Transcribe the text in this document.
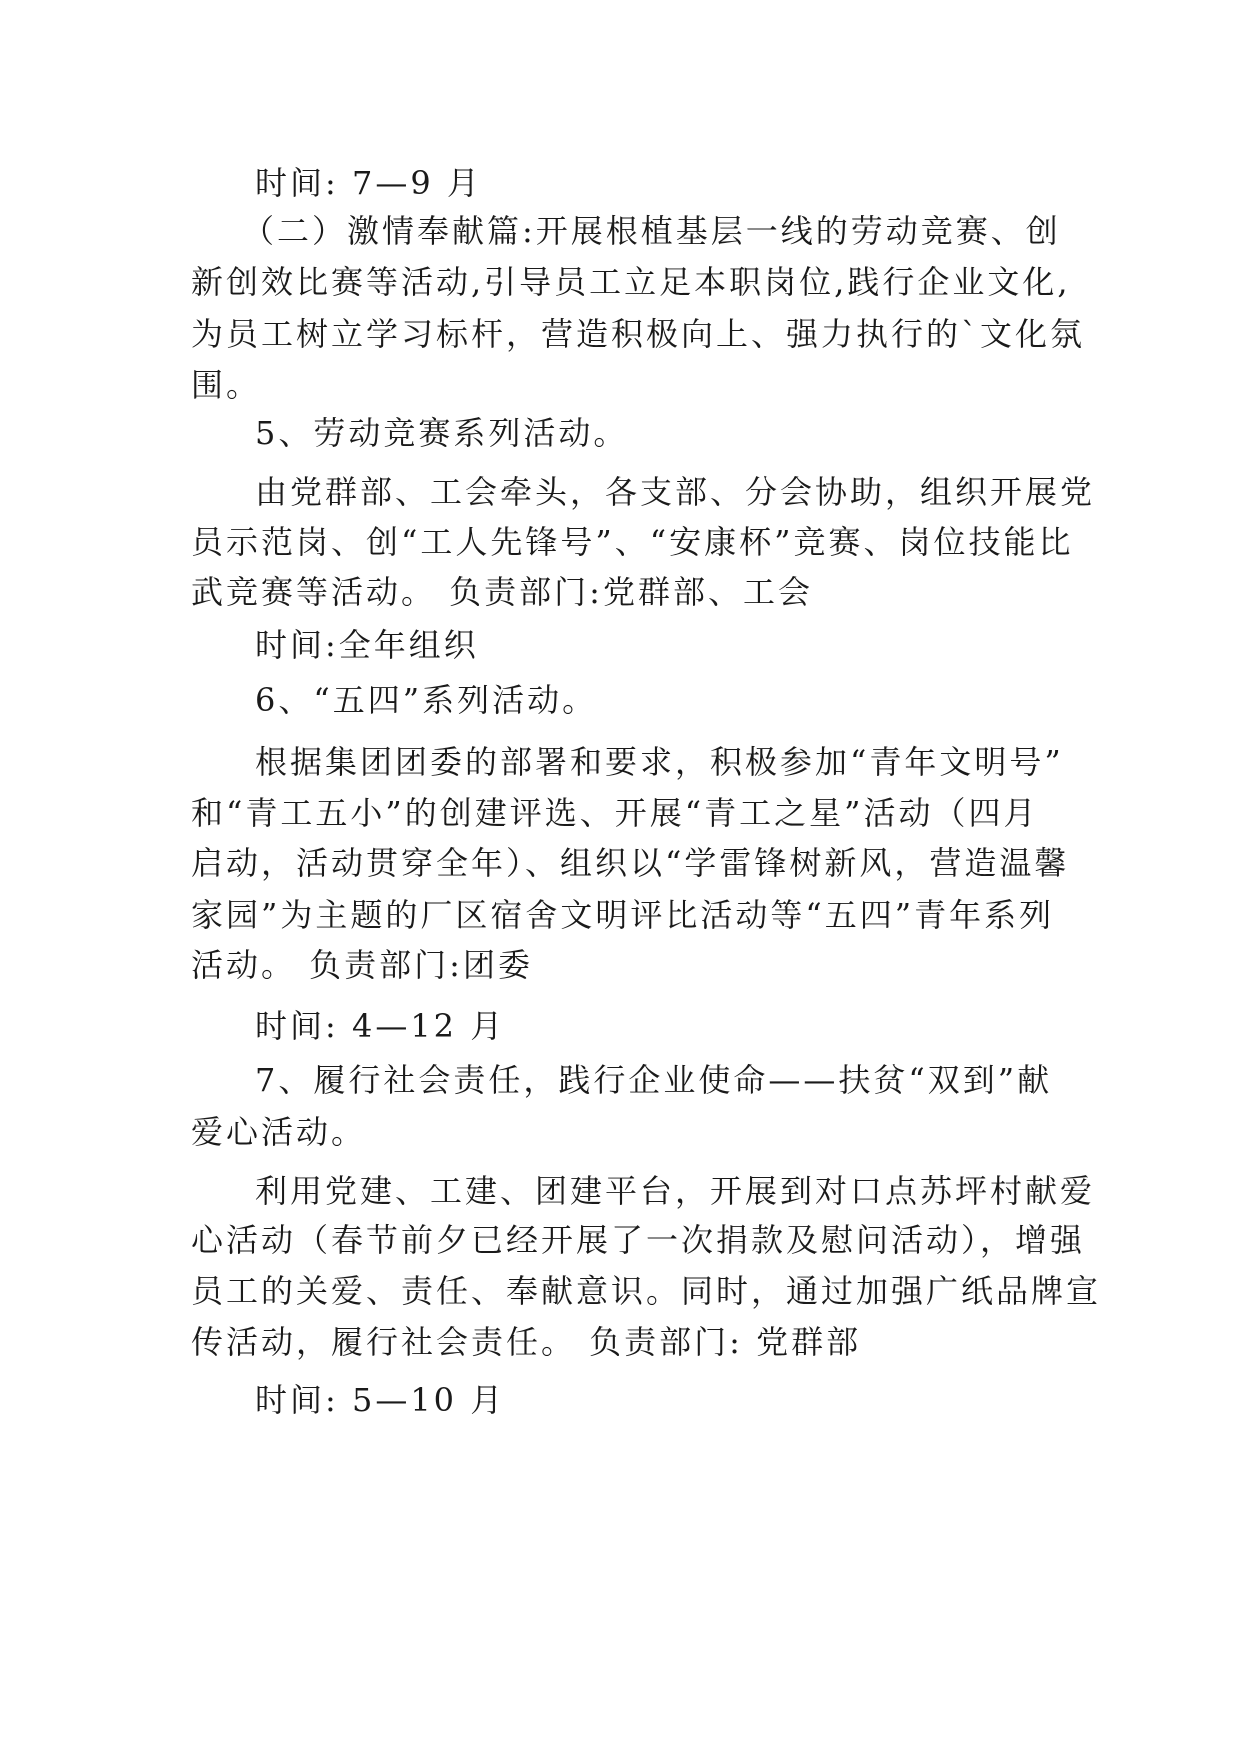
时间: 7—9 月
（二）激情奉献篇:开展根植基层一线的劳动竞赛、创
新创效比赛等活动,引导员工立足本职岗位,践行企业文化,
为员工树立学习标杆，营造积极向上、强力执行的`文化氛
围。
5、劳动竞赛系列活动。
由党群部、工会牵头，各支部、分会协助，组织开展党
员示范岗、创“工人先锋号”、“安康杯”竞赛、岗位技能比
武竞赛等活动。 负责部门:党群部、工会
时间:全年组织
6、“五四”系列活动。
根据集团团委的部署和要求，积极参加“青年文明号”
和“青工五小”的创建评选、开展“青工之星”活动（四月
启动，活动贯穿全年）、组织以“学雷锋树新风，营造温馨
家园”为主题的厂区宿舍文明评比活动等“五四”青年系列
活动。 负责部门:团委
时间: 4—12 月
7、履行社会责任，践行企业使命——扶贫“双到”献
爱心活动。
利用党建、工建、团建平台，开展到对口点苏坪村献爱
心活动（春节前夕已经开展了一次捐款及慰问活动），增强
员工的关爱、责任、奉献意识。同时，通过加强广纸品牌宣
传活动，履行社会责任。 负责部门: 党群部
时间: 5—10 月
